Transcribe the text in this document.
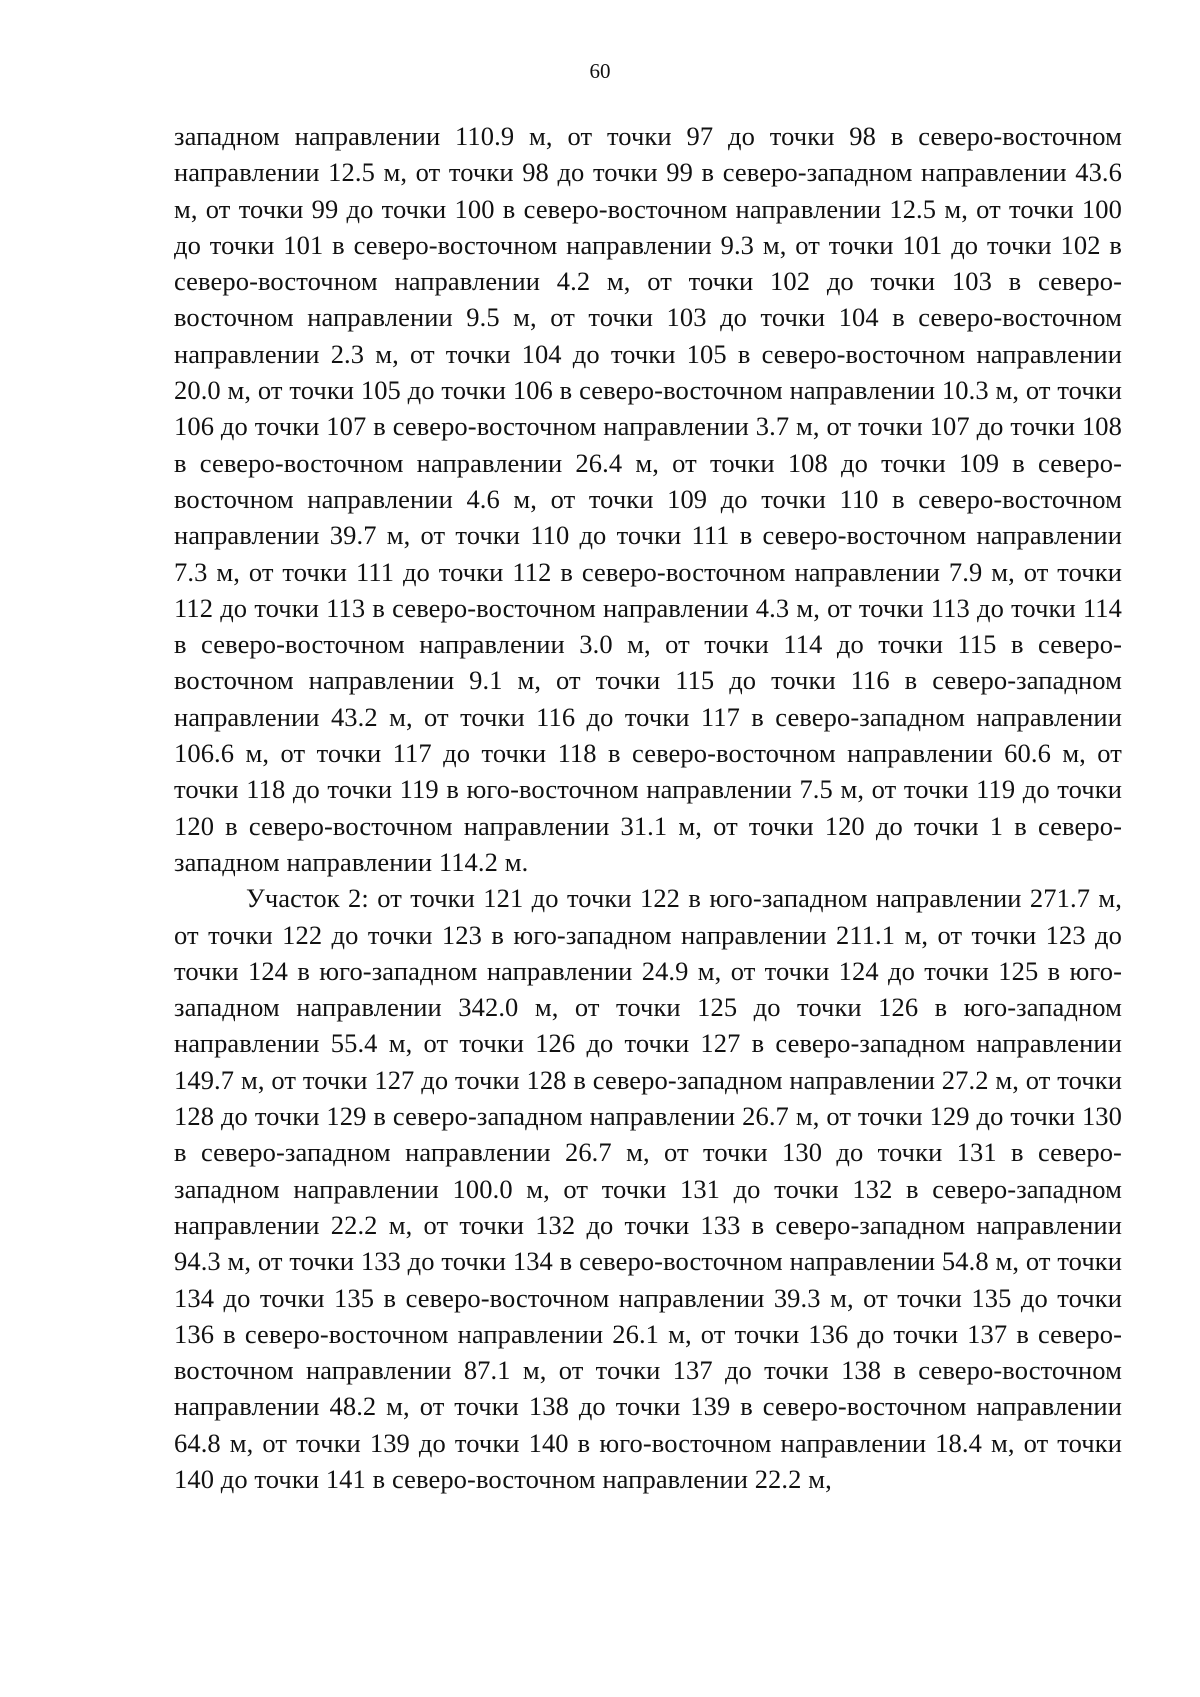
60

западном направлении 110.9 м, от точки 97 до точки 98 в северо-восточном направлении 12.5 м, от точки 98 до точки 99 в северо-западном направлении 43.6 м, от точки 99 до точки 100 в северо-восточном направлении 12.5 м, от точки 100 до точки 101 в северо-восточном направлении 9.3 м, от точки 101 до точки 102 в северо-восточном направлении 4.2 м, от точки 102 до точки 103 в северо-восточном направлении 9.5 м, от точки 103 до точки 104 в северо-восточном направлении 2.3 м, от точки 104 до точки 105 в северо-восточном направлении 20.0 м, от точки 105 до точки 106 в северо-восточном направлении 10.3 м, от точки 106 до точки 107 в северо-восточном направлении 3.7 м, от точки 107 до точки 108 в северо-восточном направлении 26.4 м, от точки 108 до точки 109 в северо-восточном направлении 4.6 м, от точки 109 до точки 110 в северо-восточном направлении 39.7 м, от точки 110 до точки 111 в северо-восточном направлении 7.3 м, от точки 111 до точки 112 в северо-восточном направлении 7.9 м, от точки 112 до точки 113 в северо-восточном направлении 4.3 м, от точки 113 до точки 114 в северо-восточном направлении 3.0 м, от точки 114 до точки 115 в северо-восточном направлении 9.1 м, от точки 115 до точки 116 в северо-западном направлении 43.2 м, от точки 116 до точки 117 в северо-западном направлении 106.6 м, от точки 117 до точки 118 в северо-восточном направлении 60.6 м, от точки 118 до точки 119 в юго-восточном направлении 7.5 м, от точки 119 до точки 120 в северо-восточном направлении 31.1 м, от точки 120 до точки 1 в северо-западном направлении 114.2 м.

Участок 2: от точки 121 до точки 122 в юго-западном направлении 271.7 м, от точки 122 до точки 123 в юго-западном направлении 211.1 м, от точки 123 до точки 124 в юго-западном направлении 24.9 м, от точки 124 до точки 125 в юго-западном направлении 342.0 м, от точки 125 до точки 126 в юго-западном направлении 55.4 м, от точки 126 до точки 127 в северо-западном направлении 149.7 м, от точки 127 до точки 128 в северо-западном направлении 27.2 м, от точки 128 до точки 129 в северо-западном направлении 26.7 м, от точки 129 до точки 130 в северо-западном направлении 26.7 м, от точки 130 до точки 131 в северо-западном направлении 100.0 м, от точки 131 до точки 132 в северо-западном направлении 22.2 м, от точки 132 до точки 133 в северо-западном направлении 94.3 м, от точки 133 до точки 134 в северо-восточном направлении 54.8 м, от точки 134 до точки 135 в северо-восточном направлении 39.3 м, от точки 135 до точки 136 в северо-восточном направлении 26.1 м, от точки 136 до точки 137 в северо-восточном направлении 87.1 м, от точки 137 до точки 138 в северо-восточном направлении 48.2 м, от точки 138 до точки 139 в северо-восточном направлении 64.8 м, от точки 139 до точки 140 в юго-восточном направлении 18.4 м, от точки 140 до точки 141 в северо-восточном направлении 22.2 м,
